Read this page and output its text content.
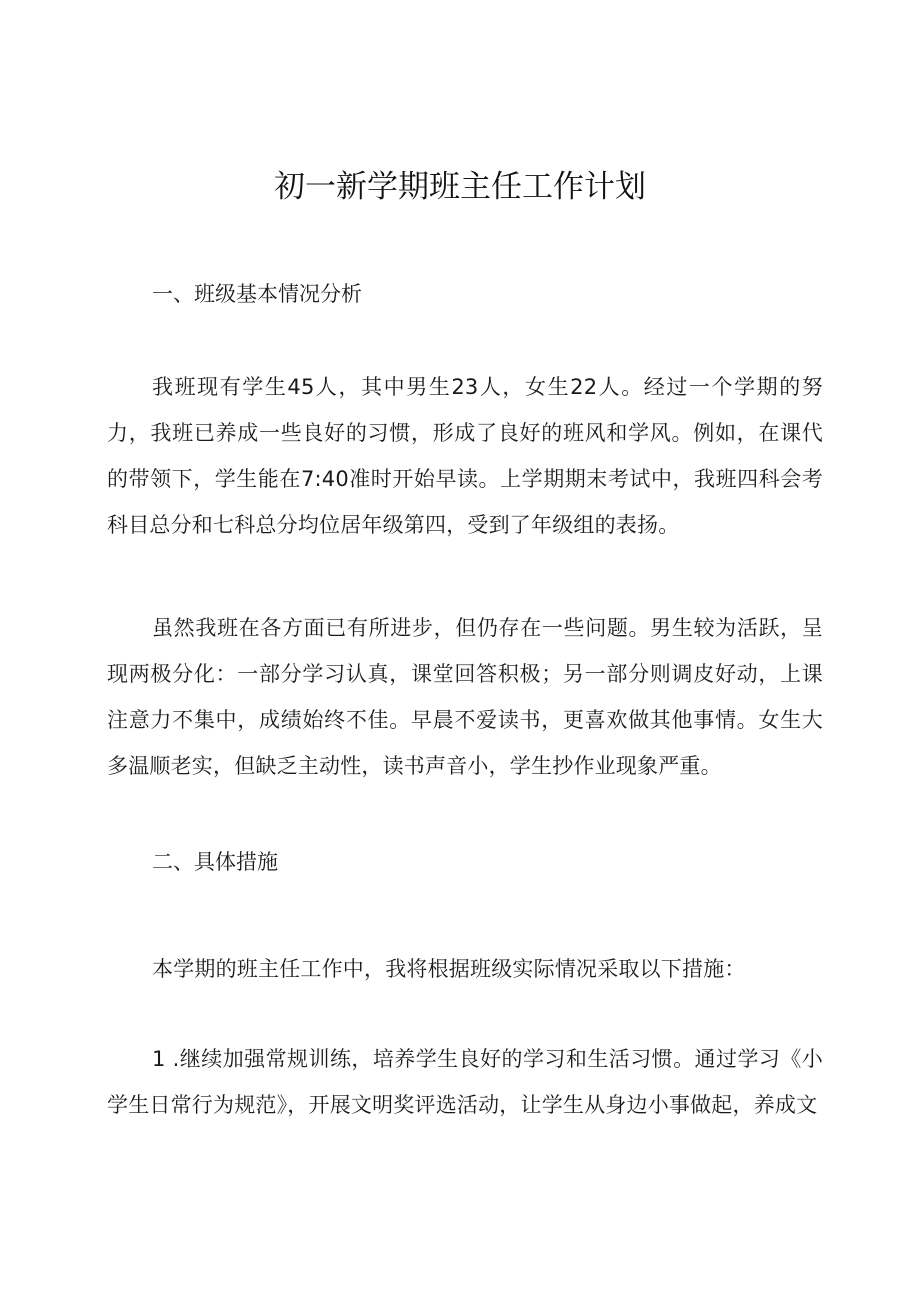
初一新学期班主任工作计划

一、班级基本情况分析

我班现有学生45人，其中男生23人，女生22人。经过一个学期的努力，我班已养成一些良好的习惯，形成了良好的班风和学风。例如，在课代的带领下，学生能在7:40准时开始早读。上学期期末考试中，我班四科会考科目总分和七科总分均位居年级第四，受到了年级组的表扬。

虽然我班在各方面已有所进步，但仍存在一些问题。男生较为活跃，呈现两极分化：一部分学习认真，课堂回答积极；另一部分则调皮好动，上课注意力不集中，成绩始终不佳。早晨不爱读书，更喜欢做其他事情。女生大多温顺老实，但缺乏主动性，读书声音小，学生抄作业现象严重。

二、具体措施

本学期的班主任工作中，我将根据班级实际情况采取以下措施：

1 .继续加强常规训练，培养学生良好的学习和生活习惯。通过学习《小学生日常行为规范》，开展文明奖评选活动，让学生从身边小事做起，养成文
